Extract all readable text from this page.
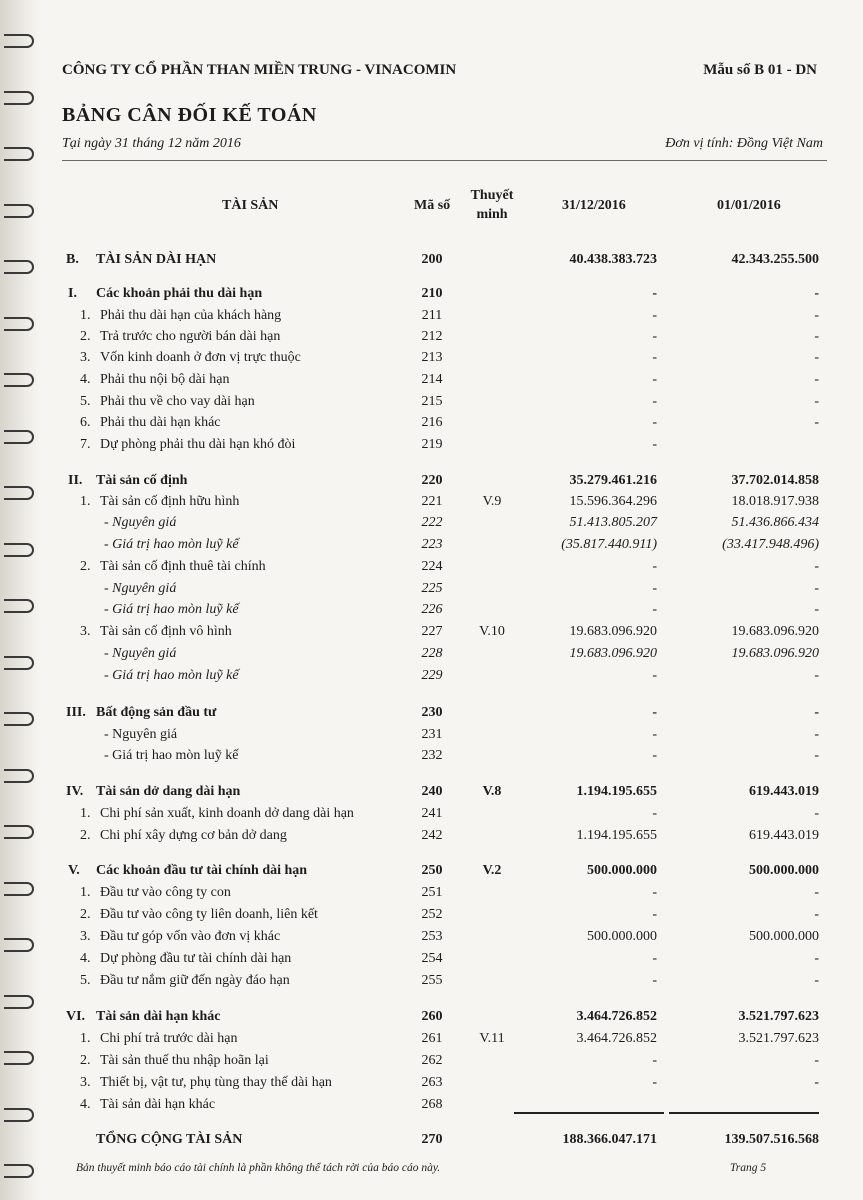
CÔNG TY CỔ PHẦN THAN MIỀN TRUNG - VINACOMIN	Mẫu số B 01 - DN
BẢNG CÂN ĐỐI KẾ TOÁN
Tại ngày 31 tháng 12 năm 2016	Đơn vị tính: Đồng Việt Nam
TÀI SẢN	Mã số
Thuyết
minh
31/12/2016	01/01/2016
B. TÀI SẢN DÀI HẠN	200	40.438.383.723	42.343.255.500
I. Các khoản phải thu dài hạn	210	-	-
1. Phải thu dài hạn của khách hàng	211	-	-
2. Trả trước cho người bán dài hạn	212	-	-
3. Vốn kinh doanh ở đơn vị trực thuộc	213	-	-
4. Phải thu nội bộ dài hạn	214	-	-
5. Phải thu về cho vay dài hạn	215	-	-
6. Phải thu dài hạn khác	216	-	-
7. Dự phòng phải thu dài hạn khó đòi	219	-
II. Tài sản cố định	220	35.279.461.216	37.702.014.858
1. Tài sản cố định hữu hình	221	V.9	15.596.364.296	18.018.917.938
- Nguyên giá	222	51.413.805.207	51.436.866.434
- Giá trị hao mòn luỹ kế	223	(35.817.440.911)	(33.417.948.496)
2. Tài sản cố định thuê tài chính	224	-	-
- Nguyên giá	225	-	-
- Giá trị hao mòn luỹ kế	226	-	-
3. Tài sản cố định vô hình	227	V.10	19.683.096.920	19.683.096.920
- Nguyên giá	228	19.683.096.920	19.683.096.920
- Giá trị hao mòn luỹ kế	229	-	-
III. Bất động sản đầu tư	230	-	-
- Nguyên giá	231	-	-
- Giá trị hao mòn luỹ kế	232	-	-
IV. Tài sản dở dang dài hạn	240	V.8	1.194.195.655	619.443.019
1. Chi phí sản xuất, kinh doanh dở dang dài hạn	241	-	-
2. Chi phí xây dựng cơ bản dở dang	242	1.194.195.655	619.443.019
V. Các khoản đầu tư tài chính dài hạn	250	V.2	500.000.000	500.000.000
1. Đầu tư vào công ty con	251	-	-
2. Đầu tư vào công ty liên doanh, liên kết	252	-	-
3. Đầu tư góp vốn vào đơn vị khác	253	500.000.000	500.000.000
4. Dự phòng đầu tư tài chính dài hạn	254	-	-
5. Đầu tư nắm giữ đến ngày đáo hạn	255	-	-
VI. Tài sản dài hạn khác	260	3.464.726.852	3.521.797.623
1. Chi phí trả trước dài hạn	261	V.11	3.464.726.852	3.521.797.623
2. Tài sản thuế thu nhập hoãn lại	262	-	-
3. Thiết bị, vật tư, phụ tùng thay thế dài hạn	263	-	-
4. Tài sản dài hạn khác	268
TỔNG CỘNG TÀI SẢN	270	188.366.047.171	139.507.516.568
Bản thuyết minh báo cáo tài chính là phần không thể tách rời của báo cáo này.	Trang 5
